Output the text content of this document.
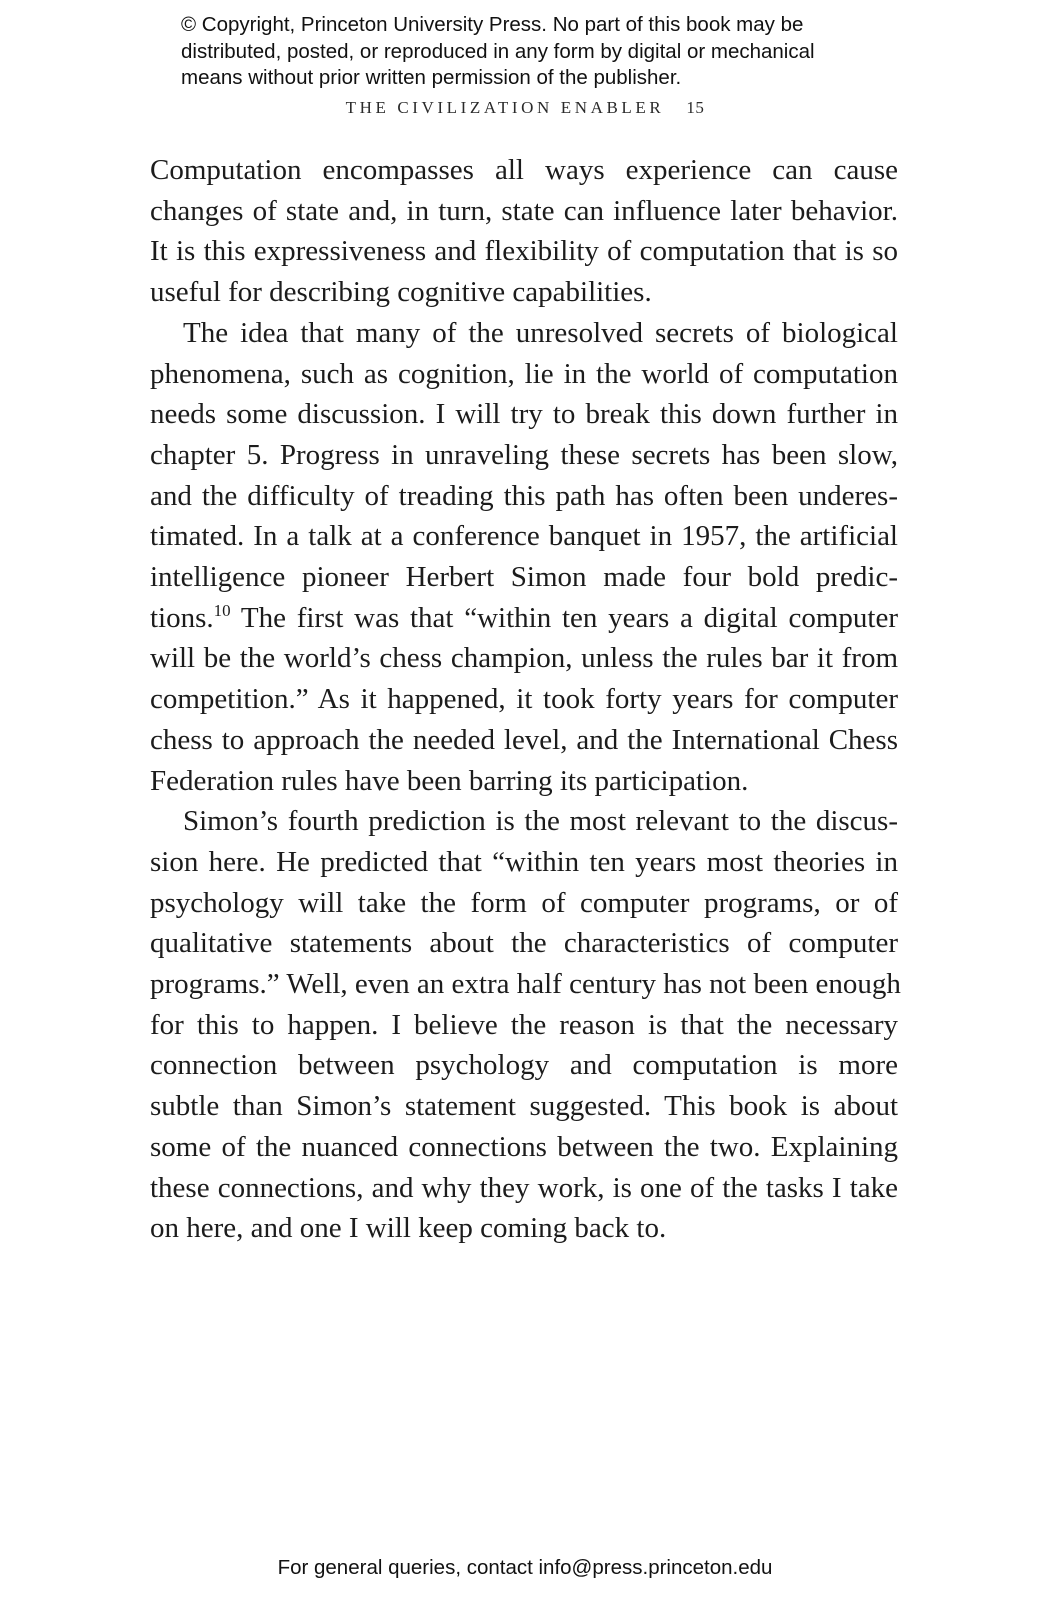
© Copyright, Princeton University Press. No part of this book may be
distributed, posted, or reproduced in any form by digital or mechanical
means without prior written permission of the publisher.
THE CIVILIZATION ENABLER 15
Computation encompasses all ways experience can cause
changes of state and, in turn, state can influence later behavior.
It is this expressiveness and flexibility of computation that is so
useful for describing cognitive capabilities.
The idea that many of the unresolved secrets of biological
phenomena, such as cognition, lie in the world of computation
needs some discussion. I will try to break this down further in
chapter 5. Progress in unraveling these secrets has been slow,
and the difficulty of treading this path has often been underes-
timated. In a talk at a conference banquet in 1957, the artificial
intelligence pioneer Herbert Simon made four bold predic-
tions.$^{10}$ The first was that “within ten years a digital computer
will be the world’s chess champion, unless the rules bar it from
competition.” As it happened, it took forty years for computer
chess to approach the needed level, and the International Chess
Federation rules have been barring its participation.
Simon’s fourth prediction is the most relevant to the discus-
sion here. He predicted that “within ten years most theories in
psychology will take the form of computer programs, or of
qualitative statements about the characteristics of computer
programs.” Well, even an extra half century has not been enough
for this to happen. I believe the reason is that the necessary
connection between psychology and computation is more
subtle than Simon’s statement suggested. This book is about
some of the nuanced connections between the two. Explaining
these connections, and why they work, is one of the tasks I take
on here, and one I will keep coming back to.
For general queries, contact info@press.princeton.edu
